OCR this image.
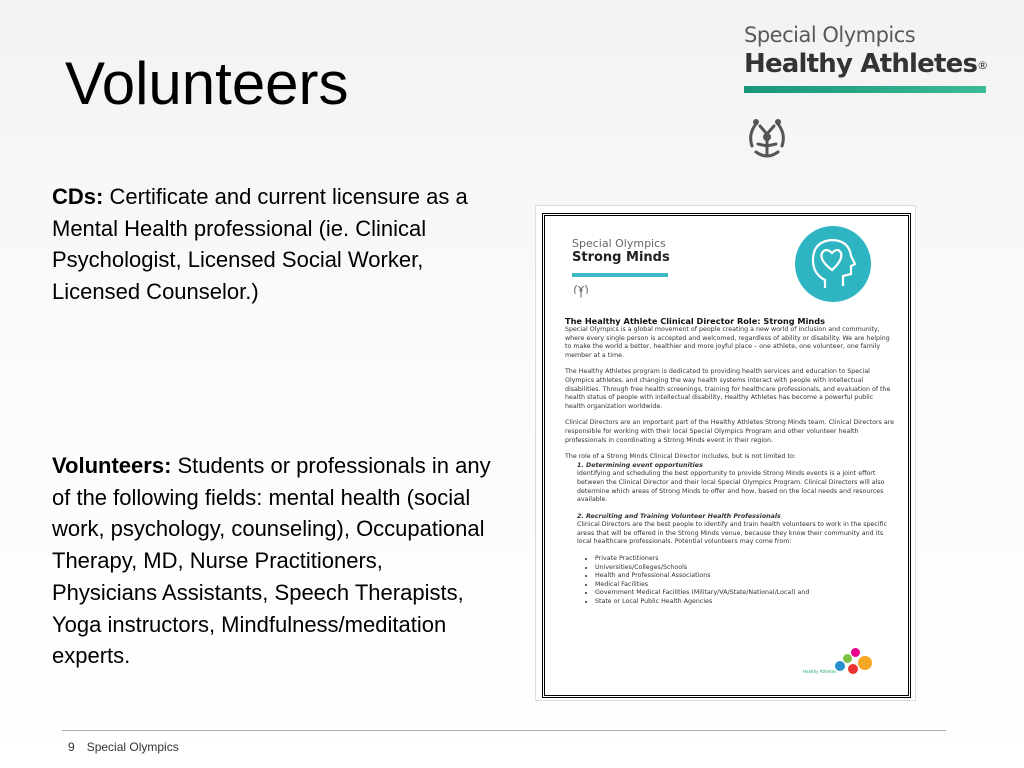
Volunteers
Special Olympics
Healthy Athletes®
CDs: Certificate and current licensure as a Mental Health professional (ie. Clinical Psychologist, Licensed Social Worker, Licensed Counselor.)
Volunteers: Students or professionals in any of the following fields: mental health (social work, psychology, counseling), Occupational Therapy, MD, Nurse Practitioners, Physicians Assistants, Speech Therapists, Yoga instructors, Mindfulness/meditation experts.
Special Olympics
Strong Minds
The Healthy Athlete Clinical Director Role: Strong Minds

Special Olympics is a global movement of people creating a new world of inclusion and community, where every single person is accepted and welcomed, regardless of ability or disability. We are helping to make the world a better, healthier and more joyful place – one athlete, one volunteer, one family member at a time.

The Healthy Athletes program is dedicated to providing health services and education to Special Olympics athletes, and changing the way health systems interact with people with intellectual disabilities. Through free health screenings, training for healthcare professionals, and evaluation of the health status of people with intellectual disability, Healthy Athletes has become a powerful public health organization worldwide.

Clinical Directors are an important part of the Healthy Athletes Strong Minds team. Clinical Directors are responsible for working with their local Special Olympics Program and other volunteer health professionals in coordinating a Strong Minds event in their region.

The role of a Strong Minds Clinical Director includes, but is not limited to:
1. Determining event opportunities
Identifying and scheduling the best opportunity to provide Strong Minds events is a joint effort between the Clinical Director and their local Special Olympics Program. Clinical Directors will also determine which areas of Strong Minds to offer and how, based on the local needs and resources available.
2. Recruiting and Training Volunteer Health Professionals
Clinical Directors are the best people to identify and train health volunteers to work in the specific areas that will be offered in the Strong Minds venue, because they know their community and its local healthcare professionals. Potential volunteers may come from:
• Private Practitioners
• Universities/Colleges/Schools
• Health and Professional Associations
• Medical Facilities
• Government Medical Facilities (Military/VA/State/National/Local) and
• State or Local Public Health Agencies
Healthy Athletes
9 Special Olympics
